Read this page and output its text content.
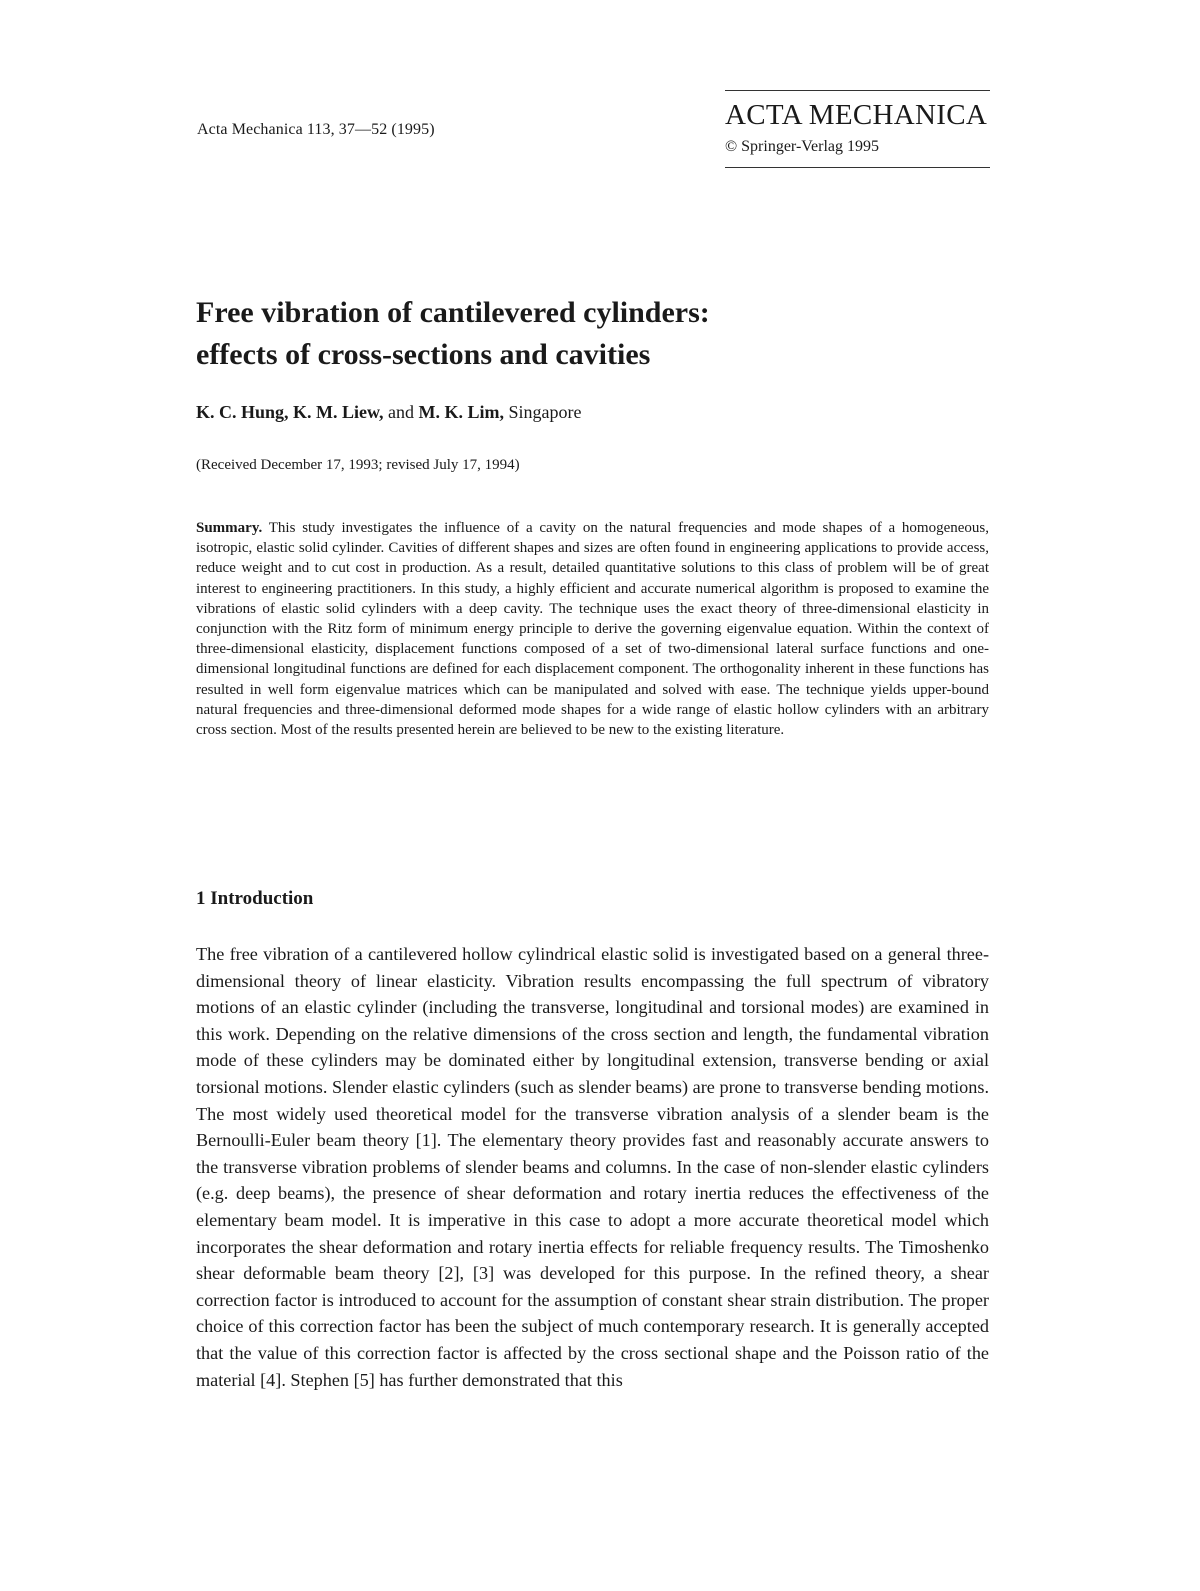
Acta Mechanica 113, 37—52 (1995)	ACTA MECHANICA
© Springer-Verlag 1995
Free vibration of cantilevered cylinders:
effects of cross-sections and cavities
K. C. Hung, K. M. Liew, and M. K. Lim, Singapore
(Received December 17, 1993; revised July 17, 1994)

Summary. This study investigates the influence of a cavity on the natural frequencies and mode shapes of a homogeneous, isotropic, elastic solid cylinder. Cavities of different shapes and sizes are often found in engineering applications to provide access, reduce weight and to cut cost in production. As a result, detailed quantitative solutions to this class of problem will be of great interest to engineering practitioners. In this study, a highly efficient and accurate numerical algorithm is proposed to examine the vibrations of elastic solid cylinders with a deep cavity. The technique uses the exact theory of three-dimensional elasticity in conjunction with the Ritz form of minimum energy principle to derive the governing eigenvalue equation. Within the context of three-dimensional elasticity, displacement functions composed of a set of two-dimensional lateral surface functions and one-dimensional longitudinal functions are defined for each displacement component. The orthogonality inherent in these functions has resulted in well form eigenvalue matrices which can be manipulated and solved with ease. The technique yields upper-bound natural frequencies and three-dimensional deformed mode shapes for a wide range of elastic hollow cylinders with an arbitrary cross section. Most of the results presented herein are believed to be new to the existing literature.

1 Introduction

The free vibration of a cantilevered hollow cylindrical elastic solid is investigated based on a general three-dimensional theory of linear elasticity. Vibration results encompassing the full spectrum of vibratory motions of an elastic cylinder (including the transverse, longitudinal and torsional modes) are examined in this work. Depending on the relative dimensions of the cross section and length, the fundamental vibration mode of these cylinders may be dominated either by longitudinal extension, transverse bending or axial torsional motions. Slender elastic cylinders (such as slender beams) are prone to transverse bending motions. The most widely used theoretical model for the transverse vibration analysis of a slender beam is the Bernoulli-Euler beam theory [1]. The elementary theory provides fast and reasonably accurate answers to the transverse vibration problems of slender beams and columns. In the case of non-slender elastic cylinders (e.g. deep beams), the presence of shear deformation and rotary inertia reduces the effectiveness of the elementary beam model. It is imperative in this case to adopt a more accurate theoretical model which incorporates the shear deformation and rotary inertia effects for reliable frequency results. The Timoshenko shear deformable beam theory [2], [3] was developed for this purpose. In the refined theory, a shear correction factor is introduced to account for the assumption of constant shear strain distribution. The proper choice of this correction factor has been the subject of much contemporary research. It is generally accepted that the value of this correction factor is affected by the cross sectional shape and the Poisson ratio of the material [4]. Stephen [5] has further demonstrated that this
